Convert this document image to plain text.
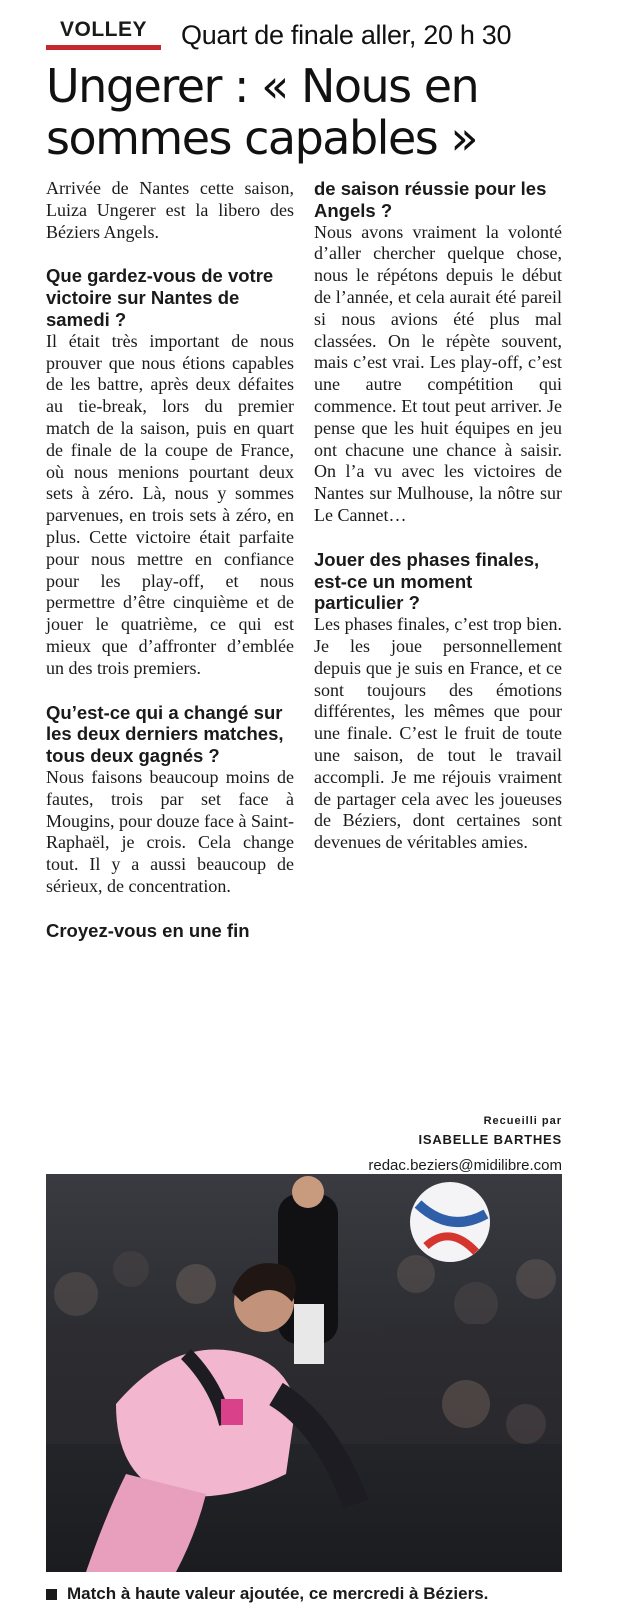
VOLLEY	Quart de finale aller, 20 h 30
Ungerer : « Nous en sommes capables »

Arrivée de Nantes cette saison, Luiza Ungerer est la libero des Béziers Angels.

Que gardez-vous de votre victoire sur Nantes de samedi ?

Il était très important de nous prouver que nous étions capables de les battre, après deux défaites au tie-break, lors du premier match de la saison, puis en quart de finale de la coupe de France, où nous menions pourtant deux sets à zéro. Là, nous y sommes parvenues, en trois sets à zéro, en plus. Cette victoire était parfaite pour nous mettre en confiance pour les play-off, et nous permettre d’être cinquième et de jouer le quatrième, ce qui est mieux que d’affronter d’emblée un des trois premiers.

Qu’est-ce qui a changé sur les deux derniers matches, tous deux gagnés ?

Nous faisons beaucoup moins de fautes, trois par set face à Mougins, pour douze face à Saint-Raphaël, je crois. Cela change tout. Il y a aussi beaucoup de sérieux, de concentration.

Croyez-vous en une fin

de saison réussie pour les Angels ?

Nous avons vraiment la volonté d’aller chercher quelque chose, nous le répétons depuis le début de l’année, et cela aurait été pareil si nous avions été plus mal classées. On le répète souvent, mais c’est vrai. Les play-off, c’est une autre compétition qui commence. Et tout peut arriver. Je pense que les huit équipes en jeu ont chacune une chance à saisir. On l’a vu avec les victoires de Nantes sur Mulhouse, la nôtre sur Le Cannet…

Jouer des phases finales, est-ce un moment particulier ?

Les phases finales, c’est trop bien. Je les joue personnellement depuis que je suis en France, et ce sont toujours des émotions différentes, les mêmes que pour une finale. C’est le fruit de toute une saison, de tout le travail accompli. Je me réjouis vraiment de partager cela avec les joueuses de Béziers, dont certaines sont devenues de véritables amies.

Recueilli par
ISABELLE BARTHES
redac.beziers@midilibre.com
Match à haute valeur ajoutée, ce mercredi à Béziers.
